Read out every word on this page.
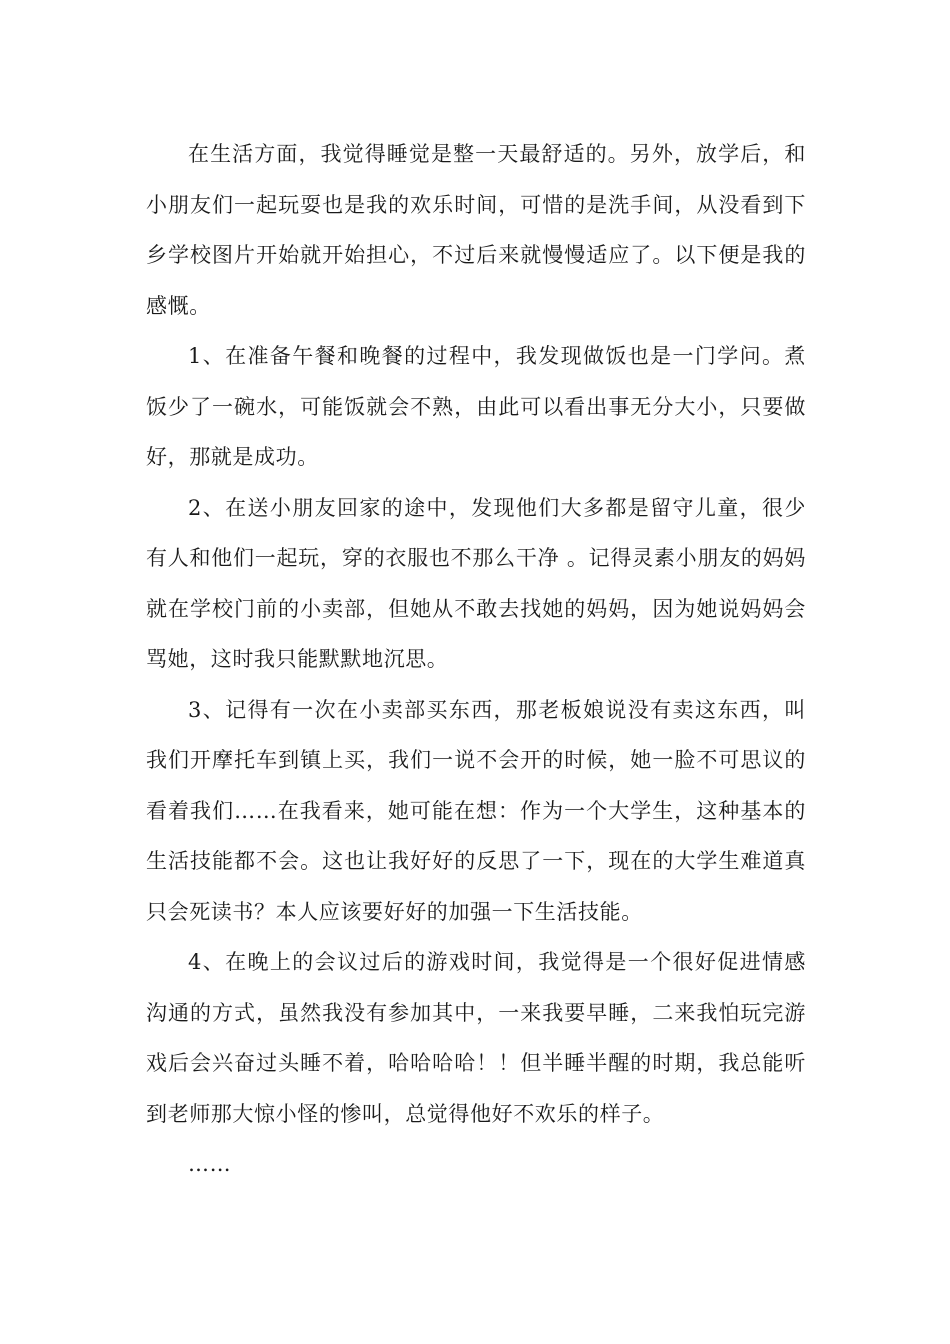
在生活方面，我觉得睡觉是整一天最舒适的。另外，放学后，和小朋友们一起玩耍也是我的欢乐时间，可惜的是洗手间，从没看到下乡学校图片开始就开始担心，不过后来就慢慢适应了。以下便是我的感慨。

1、在准备午餐和晚餐的过程中，我发现做饭也是一门学问。煮饭少了一碗水，可能饭就会不熟，由此可以看出事无分大小，只要做好，那就是成功。

2、在送小朋友回家的途中，发现他们大多都是留守儿童，很少有人和他们一起玩，穿的衣服也不那么干净 。记得灵素小朋友的妈妈就在学校门前的小卖部，但她从不敢去找她的妈妈，因为她说妈妈会骂她，这时我只能默默地沉思。

3、记得有一次在小卖部买东西，那老板娘说没有卖这东西，叫我们开摩托车到镇上买，我们一说不会开的时候，她一脸不可思议的看着我们……在我看来，她可能在想：作为一个大学生，这种基本的生活技能都不会。这也让我好好的反思了一下，现在的大学生难道真只会死读书？本人应该要好好的加强一下生活技能。

4、在晚上的会议过后的游戏时间，我觉得是一个很好促进情感沟通的方式，虽然我没有参加其中，一来我要早睡，二来我怕玩完游戏后会兴奋过头睡不着，哈哈哈哈！！但半睡半醒的时期，我总能听到老师那大惊小怪的惨叫，总觉得他好不欢乐的样子。

……
